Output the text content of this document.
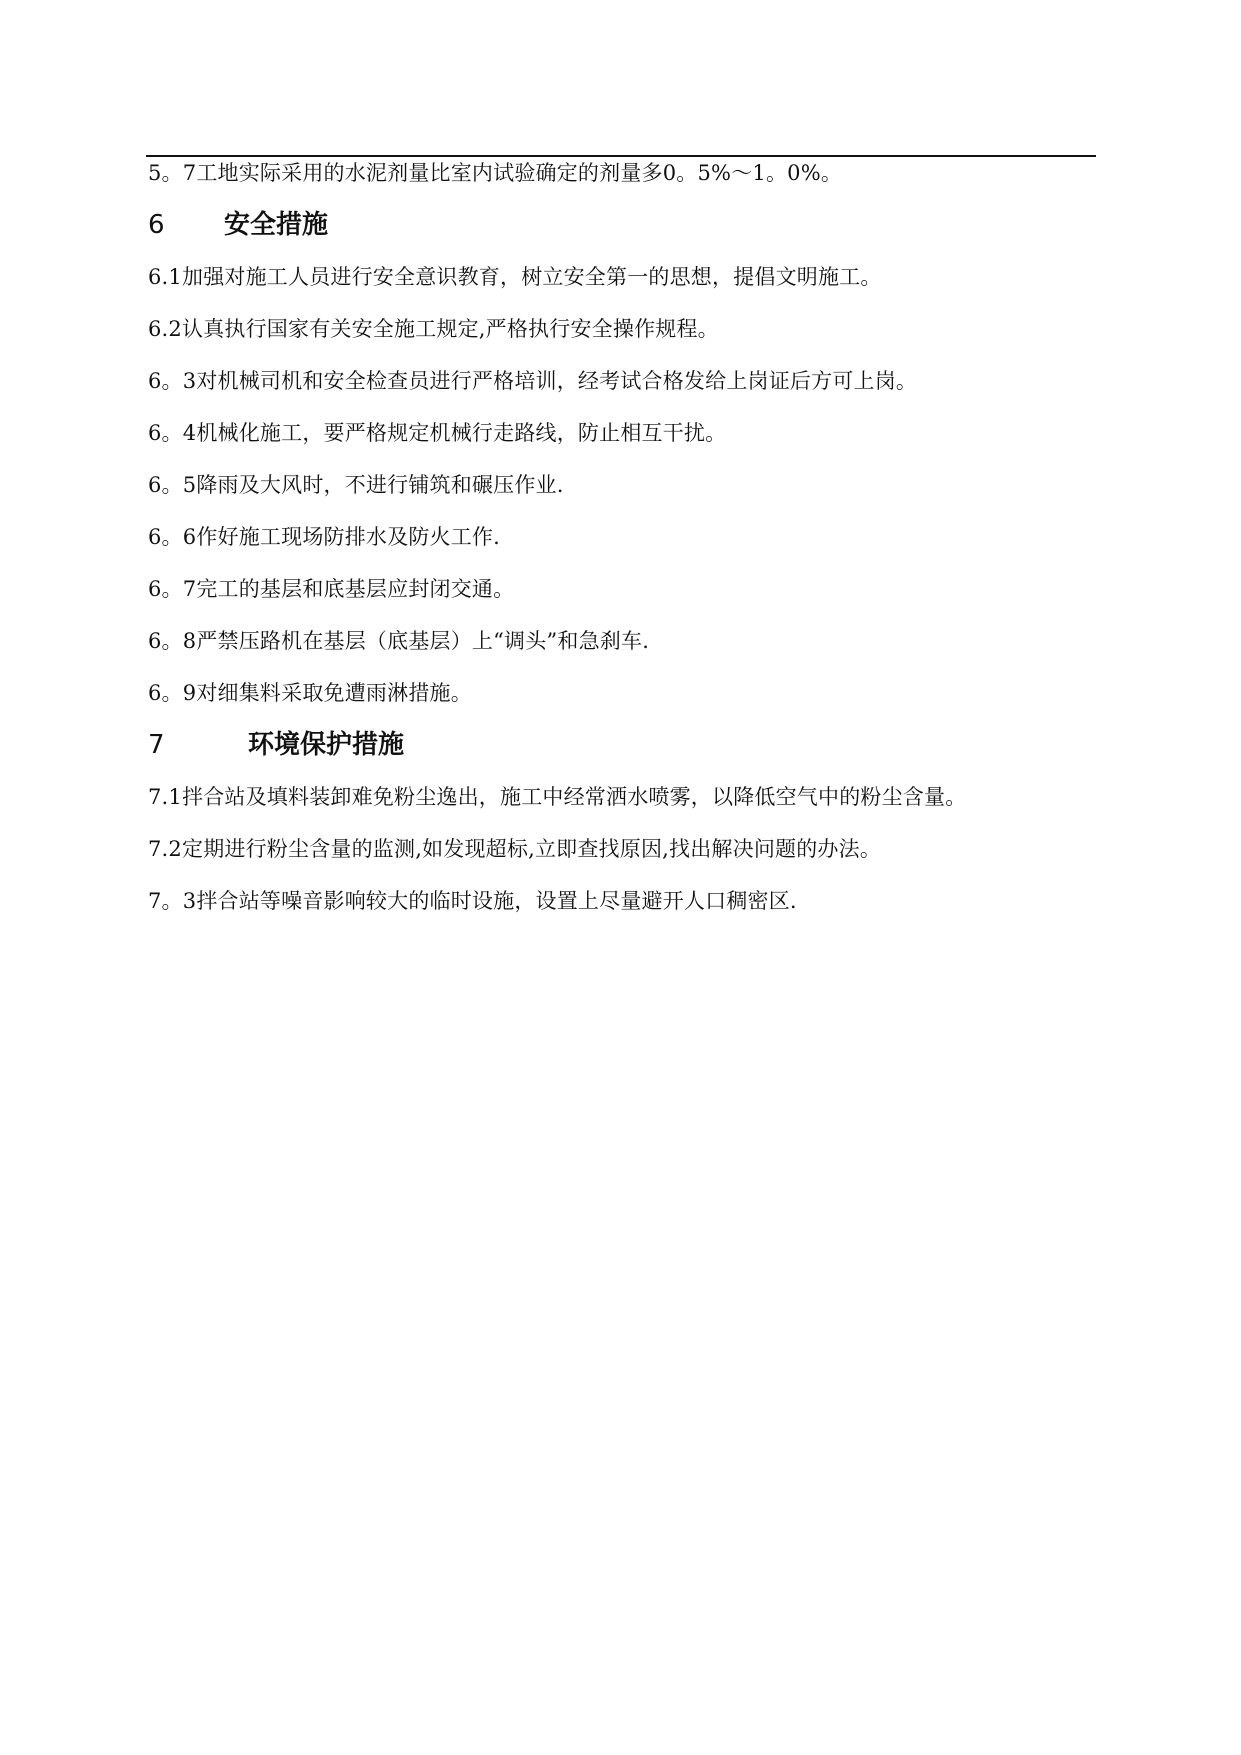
5。7工地实际采用的水泥剂量比室内试验确定的剂量多0。5%～1。0%。

6 安全措施

6.1加强对施工人员进行安全意识教育，树立安全第一的思想，提倡文明施工。

6.2认真执行国家有关安全施工规定,严格执行安全操作规程。

6。3对机械司机和安全检查员进行严格培训，经考试合格发给上岗证后方可上岗。

6。4机械化施工，要严格规定机械行走路线，防止相互干扰。

6。5降雨及大风时，不进行铺筑和碾压作业.

6。6作好施工现场防排水及防火工作.

6。7完工的基层和底基层应封闭交通。

6。8严禁压路机在基层（底基层）上“调头”和急刹车.

6。9对细集料采取免遭雨淋措施。

7	环境保护措施

7.1拌合站及填料装卸难免粉尘逸出，施工中经常洒水喷雾，以降低空气中的粉尘含量。

7.2定期进行粉尘含量的监测,如发现超标,立即查找原因,找出解决问题的办法。

7。3拌合站等噪音影响较大的临时设施，设置上尽量避开人口稠密区.
